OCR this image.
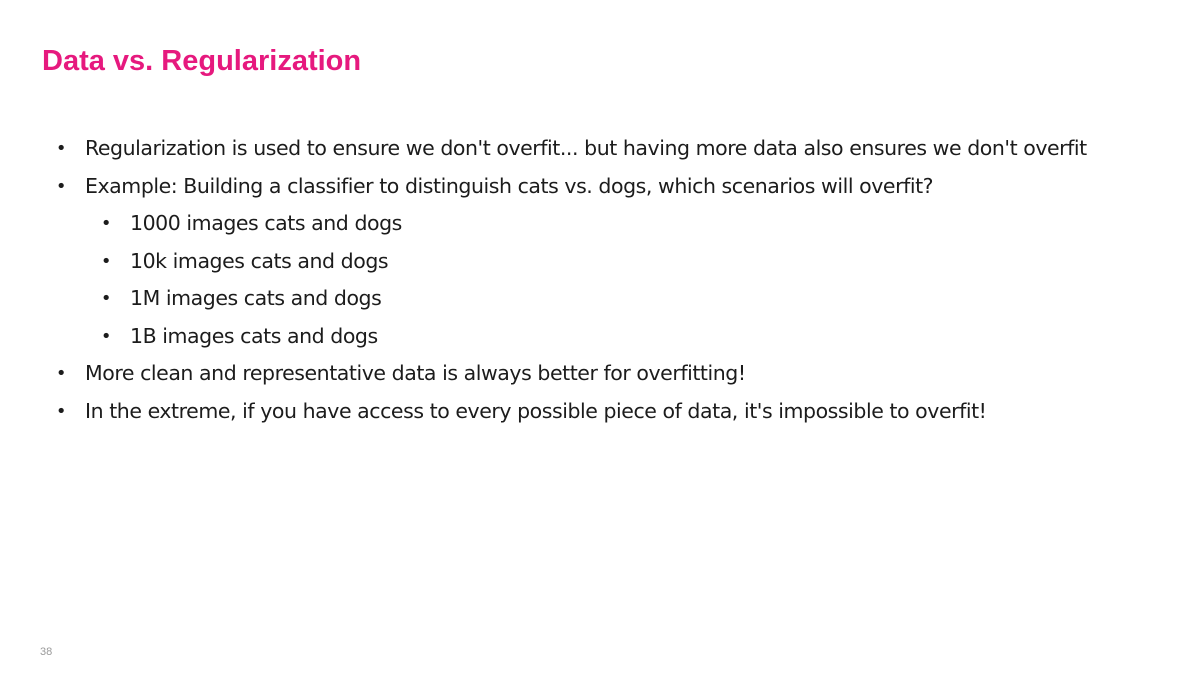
Data vs. Regularization
• Regularization is used to ensure we don't overfit... but having more data also ensures we don't overfit
• Example: Building a classifier to distinguish cats vs. dogs, which scenarios will overfit?
• 1000 images cats and dogs
• 10k images cats and dogs
• 1M images cats and dogs
• 1B images cats and dogs
• More clean and representative data is always better for overfitting!
• In the extreme, if you have access to every possible piece of data, it's impossible to overfit!
38
